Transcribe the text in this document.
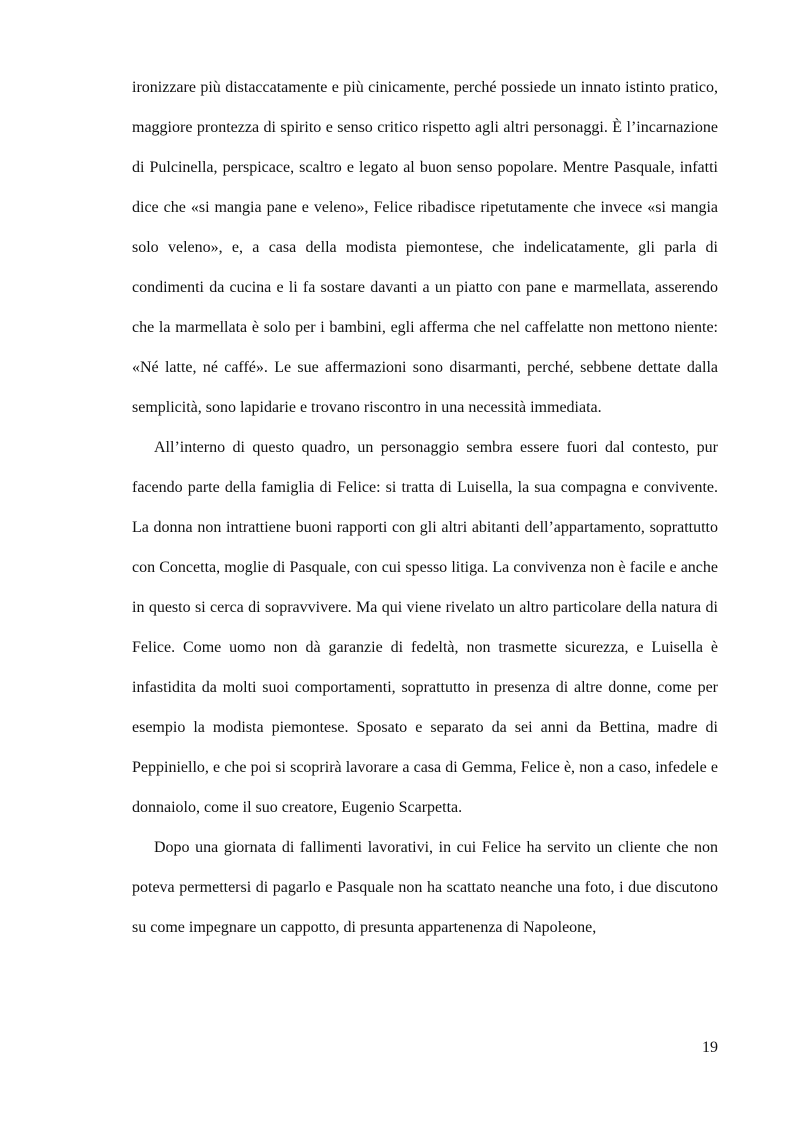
ironizzare più distaccatamente e più cinicamente, perché possiede un innato istinto pratico, maggiore prontezza di spirito e senso critico rispetto agli altri personaggi. È l’incarnazione di Pulcinella, perspicace, scaltro e legato al buon senso popolare. Mentre Pasquale, infatti dice che «si mangia pane e veleno», Felice ribadisce ripetutamente che invece «si mangia solo veleno», e, a casa della modista piemontese, che indelicatamente, gli parla di condimenti da cucina e li fa sostare davanti a un piatto con pane e marmellata, asserendo che la marmellata è solo per i bambini, egli afferma che nel caffelatte non mettono niente: «Né latte, né caffé». Le sue affermazioni sono disarmanti, perché, sebbene dettate dalla semplicità, sono lapidarie e trovano riscontro in una necessità immediata.

All’interno di questo quadro, un personaggio sembra essere fuori dal contesto, pur facendo parte della famiglia di Felice: si tratta di Luisella, la sua compagna e convivente. La donna non intrattiene buoni rapporti con gli altri abitanti dell’appartamento, soprattutto con Concetta, moglie di Pasquale, con cui spesso litiga. La convivenza non è facile e anche in questo si cerca di sopravvivere. Ma qui viene rivelato un altro particolare della natura di Felice. Come uomo non dà garanzie di fedeltà, non trasmette sicurezza, e Luisella è infastidita da molti suoi comportamenti, soprattutto in presenza di altre donne, come per esempio la modista piemontese. Sposato e separato da sei anni da Bettina, madre di Peppiniello, e che poi si scoprirà lavorare a casa di Gemma, Felice è, non a caso, infedele e donnaiolo, come il suo creatore, Eugenio Scarpetta.

Dopo una giornata di fallimenti lavorativi, in cui Felice ha servito un cliente che non poteva permettersi di pagarlo e Pasquale non ha scattato neanche una foto, i due discutono su come impegnare un cappotto, di presunta appartenenza di Napoleone,

19
